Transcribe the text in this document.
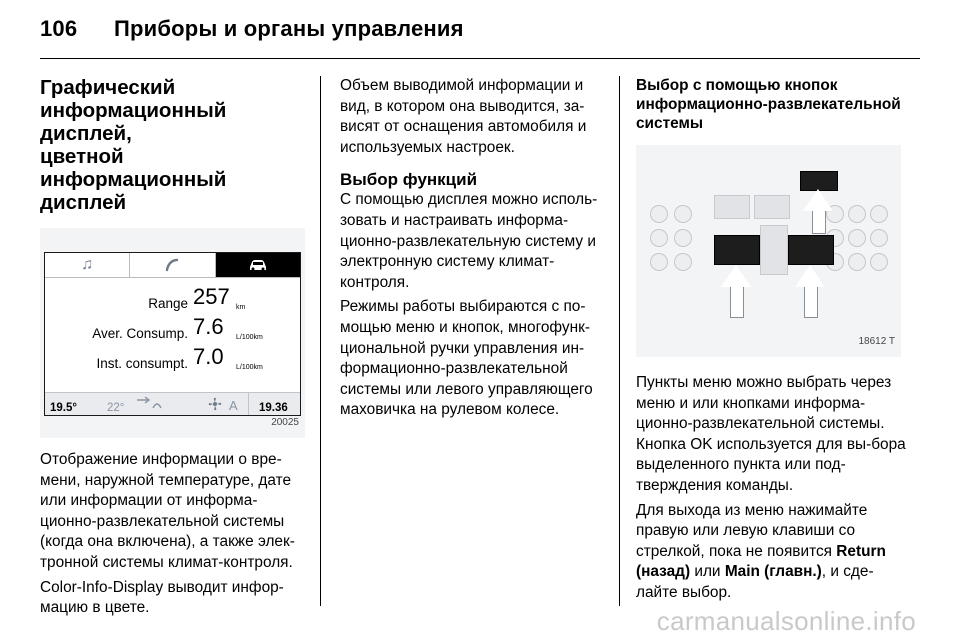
106 Приборы и органы управления
Графический
информационный дисплей,
цветной информационный
дисплей
♫
Range 257 km
Aver. Consump. 7.6 L/100km
Inst. consumpt. 7.0 L/100km
19.5°	22°	A 19.36
20025

Отображение информации о вре-мени, наружной температуре, дате или информации от информа-ционно-развлекательной системы (когда она включена), а также элек-тронной системы климат-контроля.

Color-Info-Display выводит инфор-мацию в цвете.

Объем выводимой информации и вид, в котором она выводится, за-висят от оснащения автомобиля и используемых настроек.

Выбор функций

С помощью дисплея можно исполь-зовать и настраивать информа-ционно-развлекательную систему и электронную систему климат-контроля.

Режимы работы выбираются с по-мощью меню и кнопок, многофунк-циональной ручки управления ин-формационно-развлекательной системы или левого управляющего маховичка на рулевом колесе.

Выбор с помощью кнопок
информационно-развлекательной
системы
18612 T

Пункты меню можно выбрать через меню и или кнопками информа-ционно-развлекательной системы. Кнопка OK используется для вы-бора выделенного пункта или под-тверждения команды.

Для выхода из меню нажимайте правую или левую клавиши со стрелкой, пока не появится Return (назад) или Main (главн.), и сде-лайте выбор.

carmanualsonline.info
